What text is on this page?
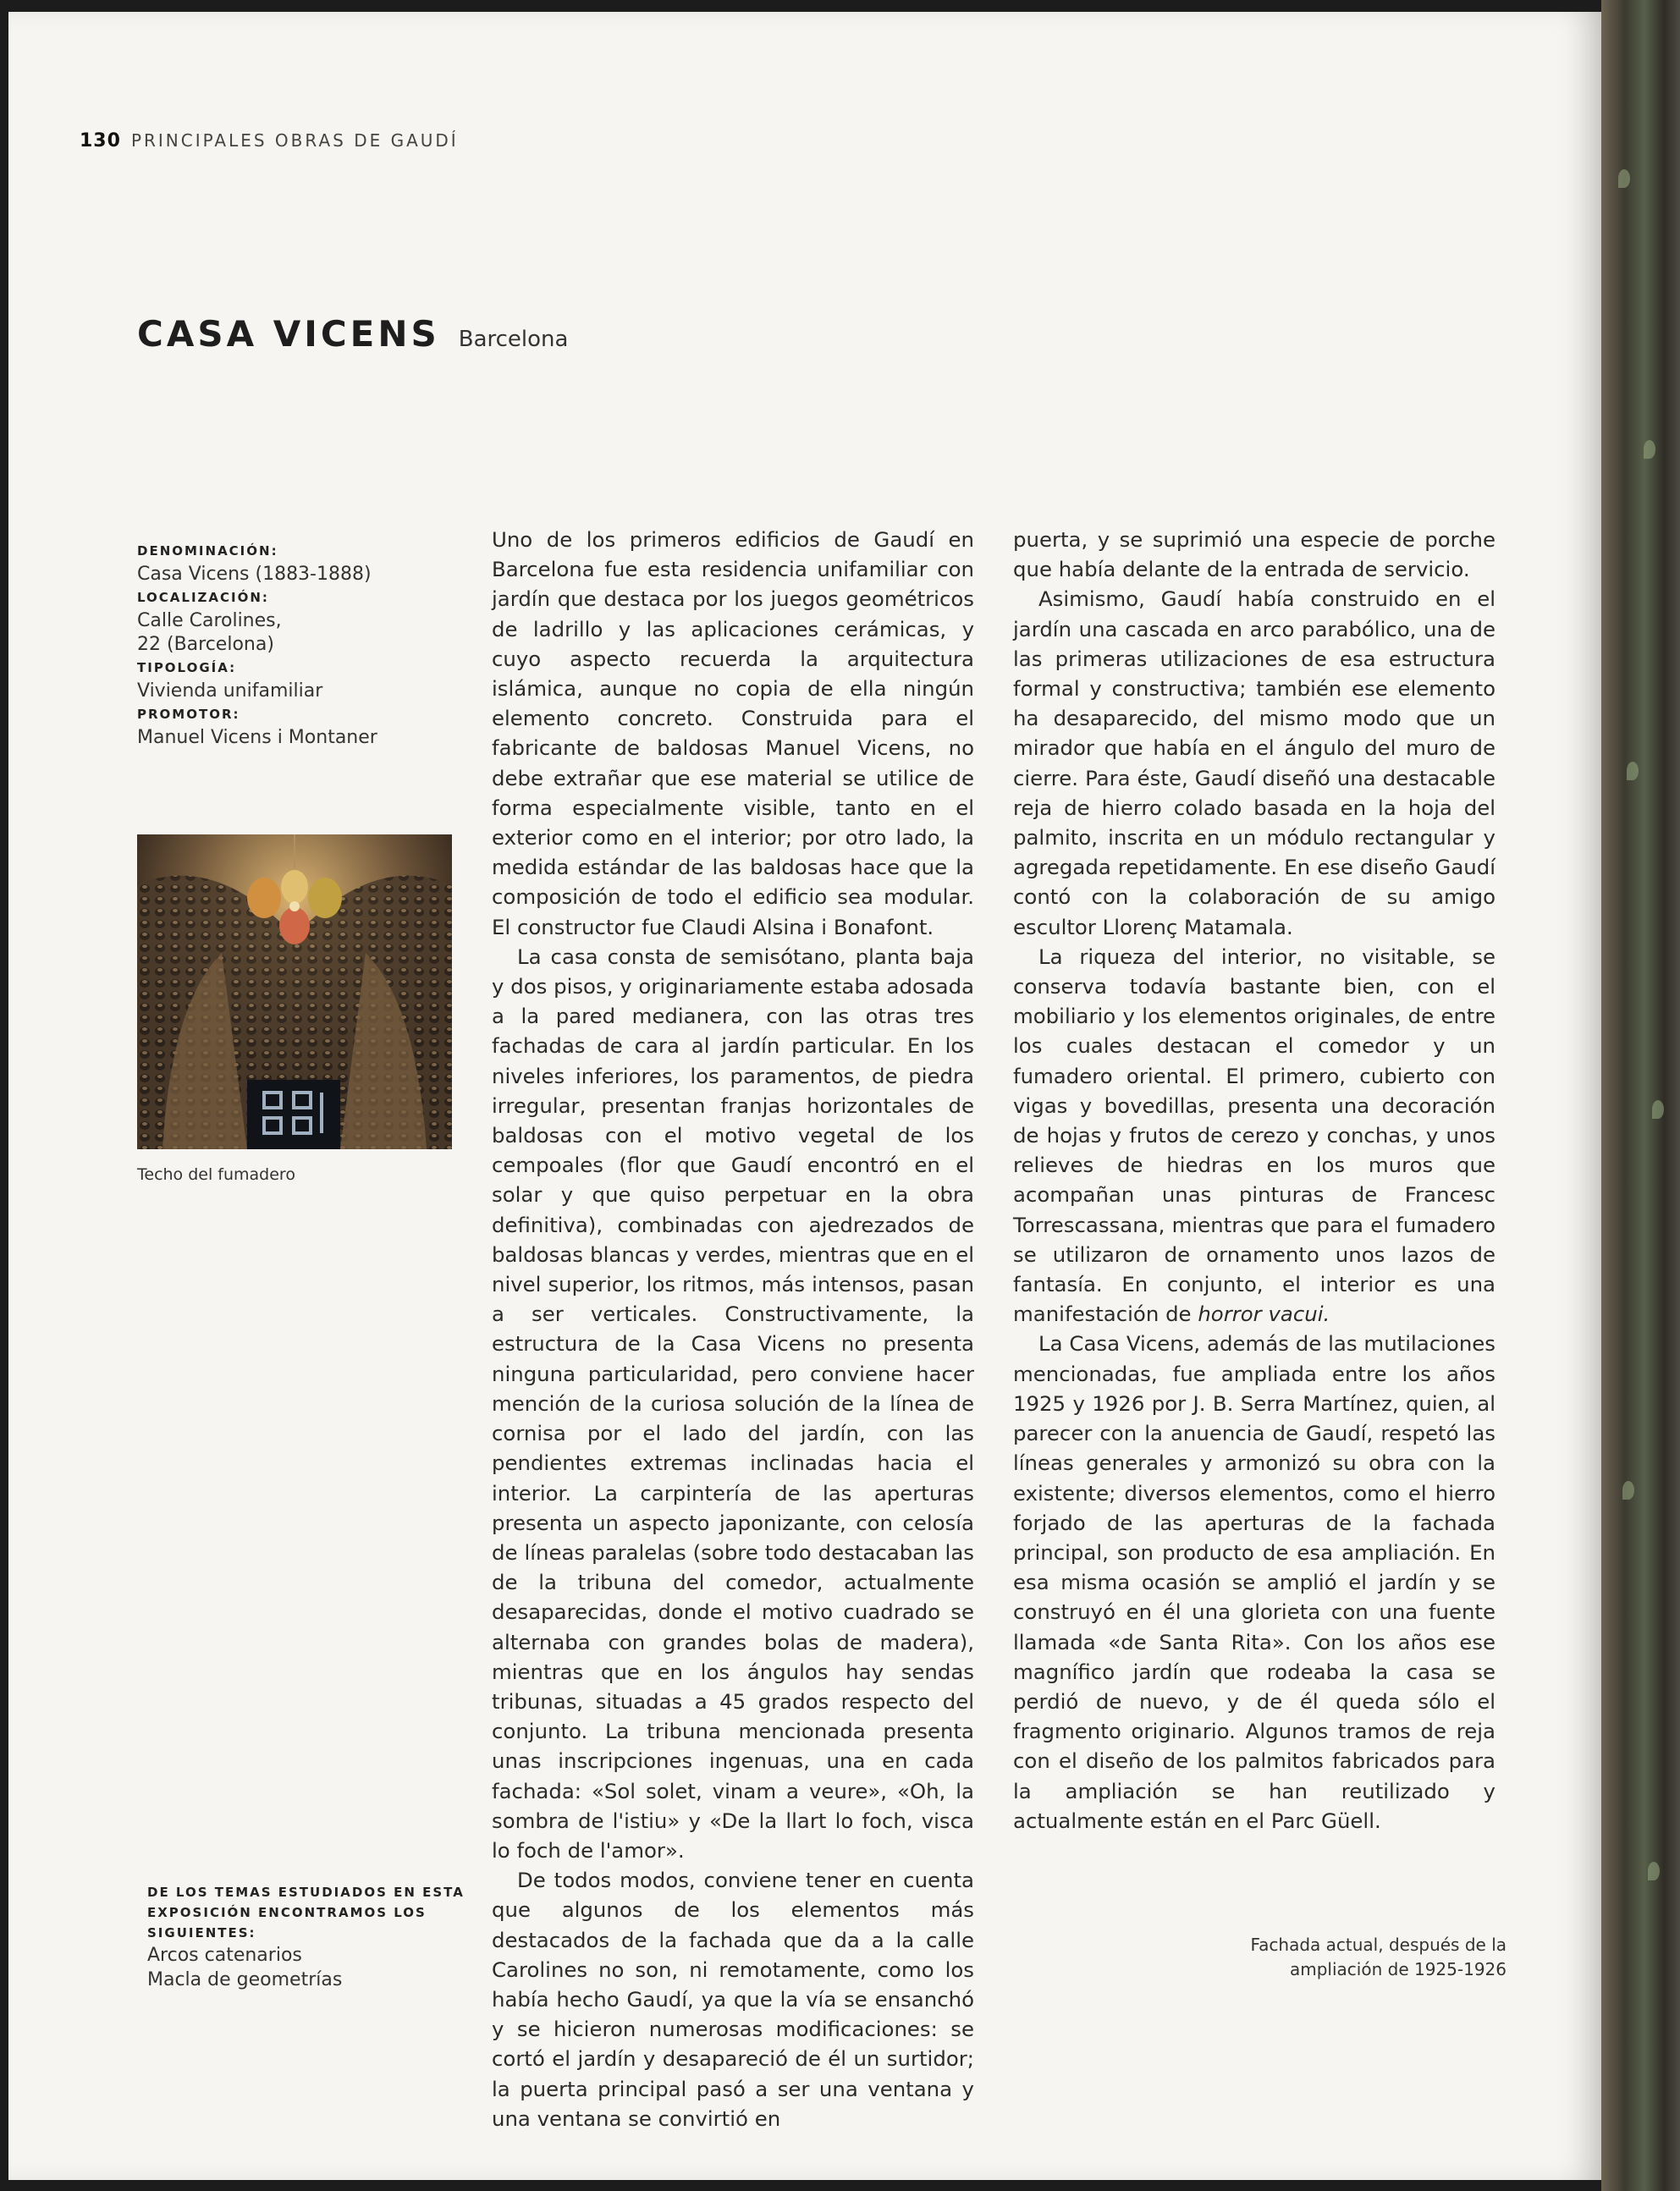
130 PRINCIPALES OBRAS DE GAUDÍ
CASA VICENS Barcelona
DENOMINACIÓN:
Casa Vicens (1883-1888)
LOCALIZACIÓN:
Calle Carolines, 22 (Barcelona)
TIPOLOGÍA:
Vivienda unifamiliar
PROMOTOR:
Manuel Vicens i Montaner
Techo del fumadero
DE LOS TEMAS ESTUDIADOS EN ESTA EXPOSICIÓN ENCONTRAMOS LOS SIGUIENTES:
Arcos catenarios
Macla de geometrías

Uno de los primeros edificios de Gaudí en Barcelona fue esta residencia unifamiliar con jardín que destaca por los juegos geométricos de ladrillo y las aplicaciones cerámicas, y cuyo aspecto recuerda la arquitectura islámica, aunque no copia de ella ningún elemento concreto. Construida para el fabricante de baldosas Manuel Vicens, no debe extrañar que ese material se utilice de forma especialmente visible, tanto en el exterior como en el interior; por otro lado, la medida estándar de las baldosas hace que la composición de todo el edificio sea modular. El constructor fue Claudi Alsina i Bonafont.

La casa consta de semisótano, planta baja y dos pisos, y originariamente estaba adosada a la pared medianera, con las otras tres fachadas de cara al jardín particular. En los niveles inferiores, los paramentos, de piedra irregular, presentan franjas horizontales de baldosas con el motivo vegetal de los cempoales (flor que Gaudí encontró en el solar y que quiso perpetuar en la obra definitiva), combinadas con ajedrezados de baldosas blancas y verdes, mientras que en el nivel superior, los ritmos, más intensos, pasan a ser verticales. Constructivamente, la estructura de la Casa Vicens no presenta ninguna particularidad, pero conviene hacer mención de la curiosa solución de la línea de cornisa por el lado del jardín, con las pendientes extremas inclinadas hacia el interior. La carpintería de las aperturas presenta un aspecto japonizante, con celosía de líneas paralelas (sobre todo destacaban las de la tribuna del comedor, actualmente desaparecidas, donde el motivo cuadrado se alternaba con grandes bolas de madera), mientras que en los ángulos hay sendas tribunas, situadas a 45 grados respecto del conjunto. La tribuna mencionada presenta unas inscripciones ingenuas, una en cada fachada: «Sol solet, vinam a veure», «Oh, la sombra de l'istiu» y «De la llart lo foch, visca lo foch de l'amor».

De todos modos, conviene tener en cuenta que algunos de los elementos más destacados de la fachada que da a la calle Carolines no son, ni remotamente, como los había hecho Gaudí, ya que la vía se ensanchó y se hicieron numerosas modificaciones: se cortó el jardín y desapareció de él un surtidor; la puerta principal pasó a ser una ventana y una ventana se convirtió en

puerta, y se suprimió una especie de porche que había delante de la entrada de servicio.

Asimismo, Gaudí había construido en el jardín una cascada en arco parabólico, una de las primeras utilizaciones de esa estructura formal y constructiva; también ese elemento ha desaparecido, del mismo modo que un mirador que había en el ángulo del muro de cierre. Para éste, Gaudí diseñó una destacable reja de hierro colado basada en la hoja del palmito, inscrita en un módulo rectangular y agregada repetidamente. En ese diseño Gaudí contó con la colaboración de su amigo escultor Llorenç Matamala.

La riqueza del interior, no visitable, se conserva todavía bastante bien, con el mobiliario y los elementos originales, de entre los cuales destacan el comedor y un fumadero oriental. El primero, cubierto con vigas y bovedillas, presenta una decoración de hojas y frutos de cerezo y conchas, y unos relieves de hiedras en los muros que acompañan unas pinturas de Francesc Torrescassana, mientras que para el fumadero se utilizaron de ornamento unos lazos de fantasía. En conjunto, el interior es una manifestación de horror vacui.

La Casa Vicens, además de las mutilaciones mencionadas, fue ampliada entre los años 1925 y 1926 por J. B. Serra Martínez, quien, al parecer con la anuencia de Gaudí, respetó las líneas generales y armonizó su obra con la existente; diversos elementos, como el hierro forjado de las aperturas de la fachada principal, son producto de esa ampliación. En esa misma ocasión se amplió el jardín y se construyó en él una glorieta con una fuente llamada «de Santa Rita». Con los años ese magnífico jardín que rodeaba la casa se perdió de nuevo, y de él queda sólo el fragmento originario. Algunos tramos de reja con el diseño de los palmitos fabricados para la ampliación se han reutilizado y actualmente están en el Parc Güell.

Fachada actual, después de la ampliación de 1925-1926
